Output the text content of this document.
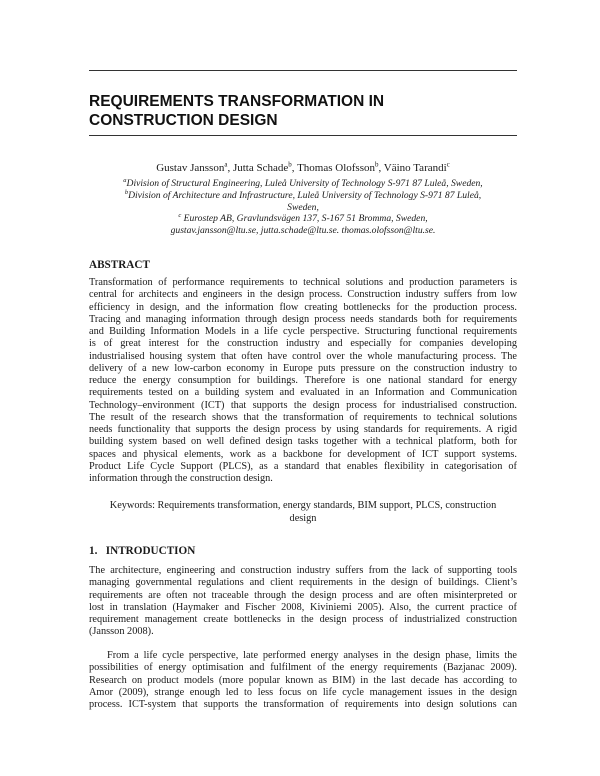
REQUIREMENTS TRANSFORMATION IN
CONSTRUCTION DESIGN
Gustav Jansson$^a$, Jutta Schade$^b$, Thomas Olofsson$^b$, Väino Tarandi$^c$
$^a$Division of Structural Engineering, Luleå University of Technology S-971 87 Luleå, Sweden,
$^b$Division of Architecture and Infrastructure, Luleå University of Technology S-971 87 Luleå,
Sweden,
$^c$ Eurostep AB, Gravlundsvägen 137, S-167 51 Bromma, Sweden,
gustav.jansson@ltu.se, jutta.schade@ltu.se. thomas.olofsson@ltu.se.
ABSTRACT
Transformation of performance requirements to technical solutions and production parameters is
central for architects and engineers in the design process. Construction industry suffers from low
efficiency in design, and the information flow creating bottlenecks for the production process.
Tracing and managing information through design process needs standards both for requirements
and Building Information Models in a life cycle perspective. Structuring functional requirements
is of great interest for the construction industry and especially for companies developing
industrialised housing system that often have control over the whole manufacturing process. The
delivery of a new low-carbon economy in Europe puts pressure on the construction industry to
reduce the energy consumption for buildings. Therefore is one national standard for energy
requirements tested on a building system and evaluated in an Information and Communication
Technology–environment (ICT) that supports the design process for industrialised construction.
The result of the research shows that the transformation of requirements to technical solutions
needs functionality that supports the design process by using standards for requirements. A rigid
building system based on well defined design tasks together with a technical platform, both for
spaces and physical elements, work as a backbone for development of ICT support systems.
Product Life Cycle Support (PLCS), as a standard that enables flexibility in categorisation of
information through the construction design.
Keywords: Requirements transformation, energy standards, BIM support, PLCS, construction
design
1.   INTRODUCTION
The architecture, engineering and construction industry suffers from the lack of supporting tools
managing governmental regulations and client requirements in the design of buildings. Client’s
requirements are often not traceable through the design process and are often misinterpreted or
lost in translation (Haymaker and Fischer 2008, Kiviniemi 2005). Also, the current practice of
requirement management create bottlenecks in the design process of industrialized construction
(Jansson 2008).
From a life cycle perspective, late performed energy analyses in the design phase, limits the
possibilities of energy optimisation and fulfilment of the energy requirements (Bazjanac 2009).
Research on product models (more popular known as BIM) in the last decade has according to
Amor (2009), strange enough led to less focus on life cycle management issues in the design
process. ICT-system that supports the transformation of requirements into design solutions can
